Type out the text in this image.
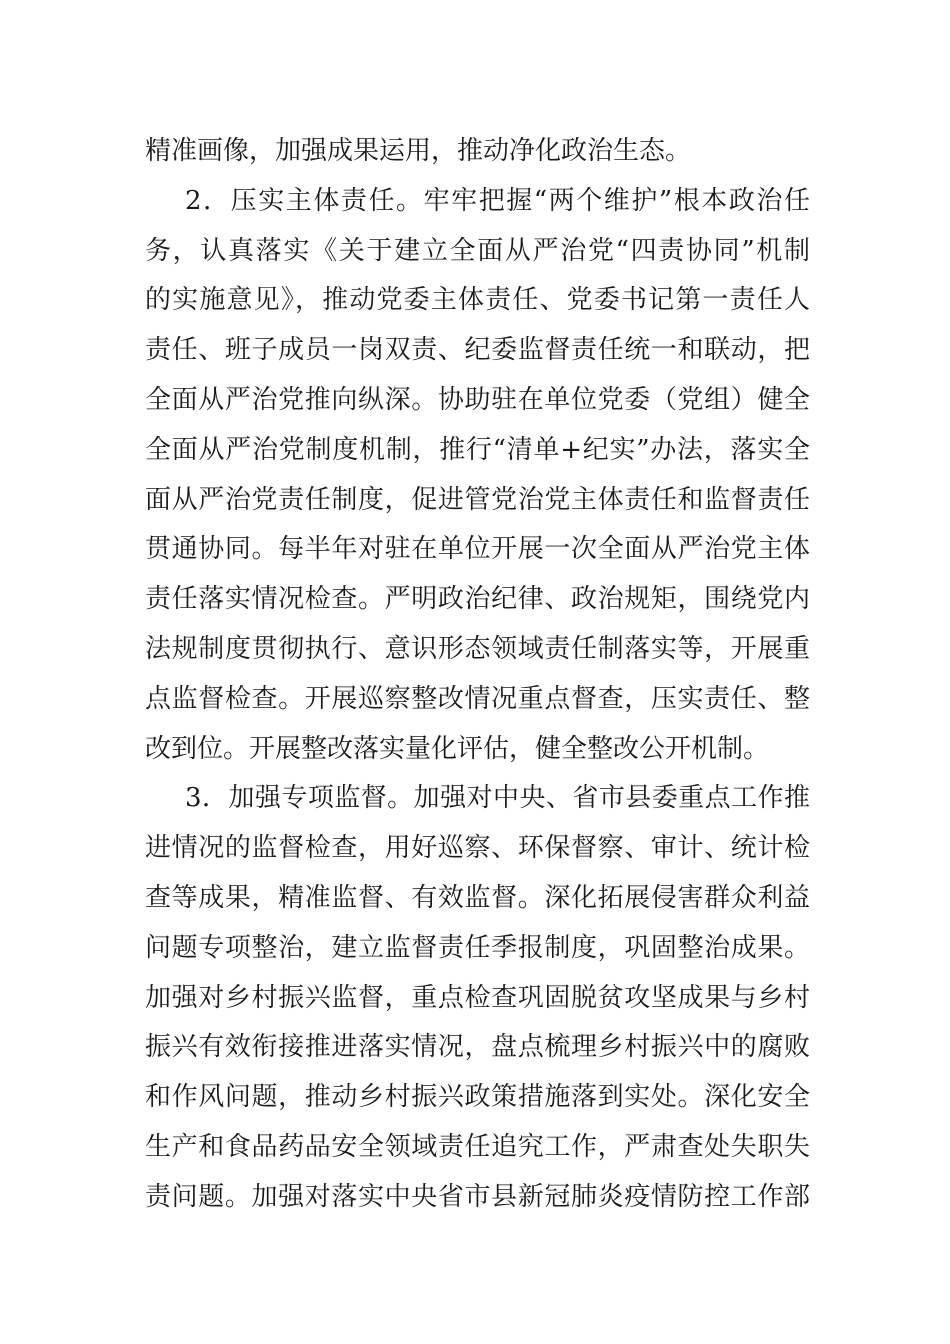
精准画像，加强成果运用，推动净化政治生态。
2．压实主体责任。牢牢把握“两个维护”根本政治任
务，认真落实《关于建立全面从严治党“四责协同”机制
的实施意见》，推动党委主体责任、党委书记第一责任人
责任、班子成员一岗双责、纪委监督责任统一和联动，把
全面从严治党推向纵深。协助驻在单位党委（党组）健全
全面从严治党制度机制，推行“清单+纪实”办法，落实全
面从严治党责任制度，促进管党治党主体责任和监督责任
贯通协同。每半年对驻在单位开展一次全面从严治党主体
责任落实情况检查。严明政治纪律、政治规矩，围绕党内
法规制度贯彻执行、意识形态领域责任制落实等，开展重
点监督检查。开展巡察整改情况重点督查，压实责任、整
改到位。开展整改落实量化评估，健全整改公开机制。
3．加强专项监督。加强对中央、省市县委重点工作推
进情况的监督检查，用好巡察、环保督察、审计、统计检
查等成果，精准监督、有效监督。深化拓展侵害群众利益
问题专项整治，建立监督责任季报制度，巩固整治成果。
加强对乡村振兴监督，重点检查巩固脱贫攻坚成果与乡村
振兴有效衔接推进落实情况，盘点梳理乡村振兴中的腐败
和作风问题，推动乡村振兴政策措施落到实处。深化安全
生产和食品药品安全领域责任追究工作，严肃查处失职失
责问题。加强对落实中央省市县新冠肺炎疫情防控工作部
